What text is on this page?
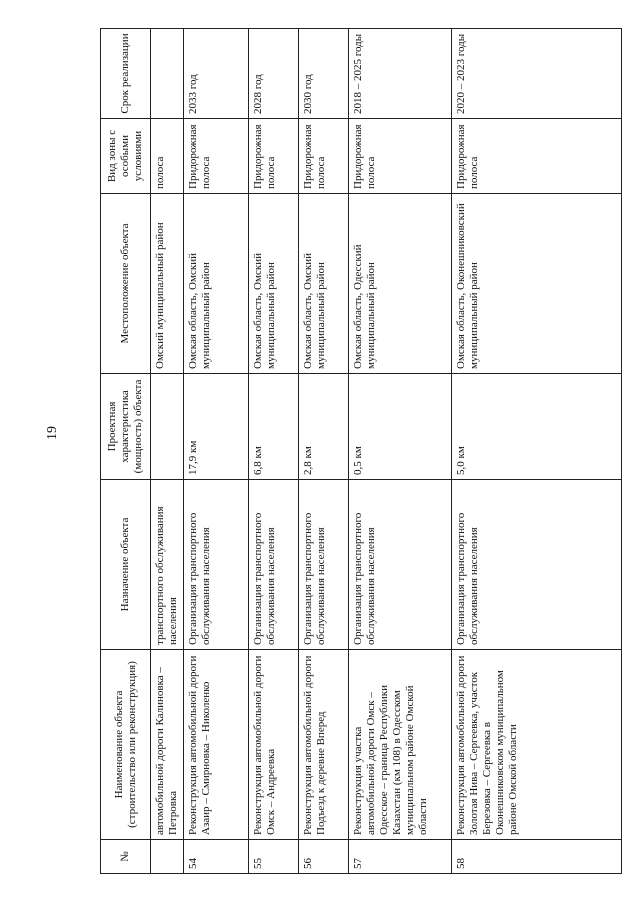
19
№	Наименование объекта (строительство или реконструкция)	Назначение объекта	Проектная характеристика (мощность) объекта	Местоположение объекта	Вид зоны с особыми условиями	Срок реализации
	автомобильной дороги Калиновка – Петровка	транспортного обслуживания населения		Омский муниципальный район	полоса	
54	Реконструкция автомобильной дороги Азаир – Смирновка – Николенко	Организация транспортного обслуживания населения	17,9 км	Омская область, Омский муниципальный район	Придорожная полоса	2033 год
55	Реконструкция автомобильной дороги Омск – Андреевка	Организация транспортного обслуживания населения	6,8 км	Омская область, Омский муниципальный район	Придорожная полоса	2028 год
56	Реконструкция автомобильной дороги Подъезд к деревне Вперед	Организация транспортного обслуживания населения	2,8 км	Омская область, Омский муниципальный район	Придорожная полоса	2030 год
57	Реконструкция участка автомобильной дороги Омск – Одесское – граница Республики Казахстан (км 108) в Одесском муниципальном районе Омской области	Организация транспортного обслуживания населения	0,5 км	Омская область, Одесский муниципальный район	Придорожная полоса	2018 – 2025 годы
58	Реконструкция автомобильной дороги Золотая Нива – Сергеевка, участок Березовка – Сергеевка в Оконешниковском муниципальном районе Омской области	Организация транспортного обслуживания населения	5,0 км	Омская область, Оконешниковский муниципальный район	Придорожная полоса	2020 – 2023 годы
